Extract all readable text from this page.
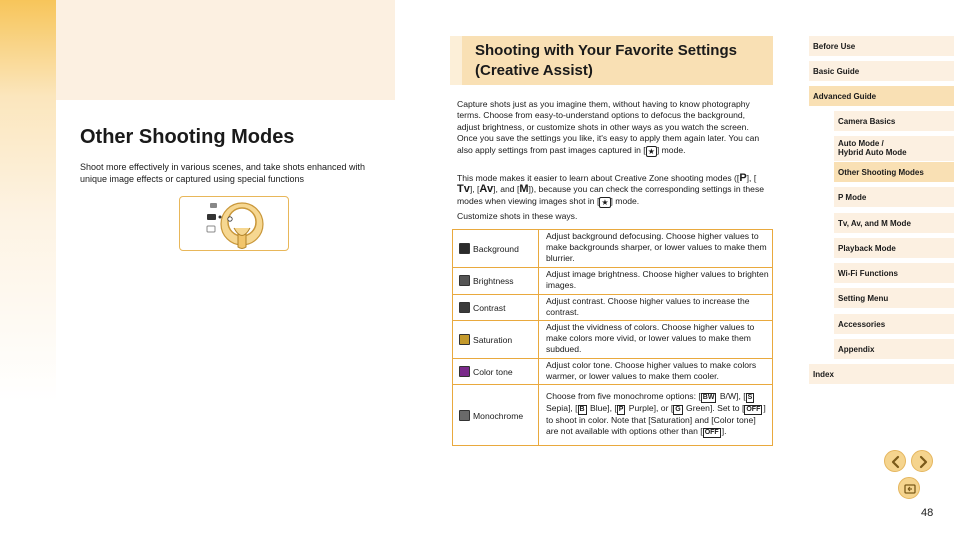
Other Shooting Modes

Shoot more effectively in various scenes, and take shots enhanced with unique image effects or captured using special functions

Shooting with Your Favorite Settings
(Creative Assist)

Capture shots just as you imagine them, without having to know photography terms. Choose from easy-to-understand options to defocus the background, adjust brightness, or customize shots in other ways as you watch the screen. Once you save the settings you like, it's easy to apply them again later. You can also apply settings from past images captured in [ ★ ] mode.

This mode makes it easier to learn about Creative Zone shooting modes ([P], [Tv], [Av], and [M]), because you can check the corresponding settings in these modes when viewing images shot in [ ★ ] mode.

Customize shots in these ways.

Background	Adjust background defocusing. Choose higher values to make backgrounds sharper, or lower values to make them blurrier.
Brightness	Adjust image brightness. Choose higher values to brighten images.
Contrast	Adjust contrast. Choose higher values to increase the contrast.
Saturation	Adjust the vividness of colors. Choose higher values to make colors more vivid, or lower values to make them subdued.
Color tone	Adjust color tone. Choose higher values to make colors warmer, or lower values to make them cooler.
Monochrome	Choose from five monochrome options: [ BW B/W], [ S Sepia], [ B Blue], [ P Purple], or [ G Green]. Set to [ OFF ] to shoot in color. Note that [Saturation] and [Color tone] are not available with options other than [ OFF ].
Before Use
Basic Guide
Advanced Guide
Camera Basics
Auto Mode /
Hybrid Auto Mode
Other Shooting Modes
P Mode
Tv, Av, and M Mode
Playback Mode
Wi-Fi Functions
Setting Menu
Accessories
Appendix
Index
48
